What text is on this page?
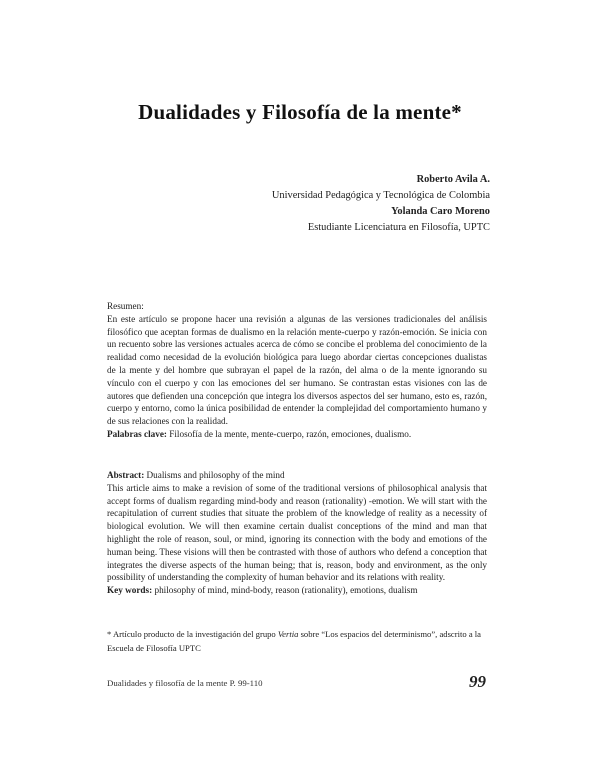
Dualidades y Filosofía de la mente*
Roberto Avila A.
Universidad Pedagógica y Tecnológica de Colombia
Yolanda Caro Moreno
Estudiante Licenciatura en Filosofía, UPTC

Resumen:

En este artículo se propone hacer una revisión a algunas de las versiones tradicionales del análisis filosófico que aceptan formas de dualismo en la relación mente-cuerpo y razón-emoción. Se inicia con un recuento sobre las versiones actuales acerca de cómo se concibe el problema del conocimiento de la realidad como necesidad de la evolución biológica para luego abordar ciertas concepciones dualistas de la mente y del hombre que subrayan el papel de la razón, del alma o de la mente ignorando su vínculo con el cuerpo y con las emociones del ser humano. Se contrastan estas visiones con las de autores que defienden una concepción que integra los diversos aspectos del ser humano, esto es, razón, cuerpo y entorno, como la única posibilidad de entender la complejidad del comportamiento humano y de sus relaciones con la realidad.

Palabras clave: Filosofía de la mente, mente-cuerpo, razón, emociones, dualismo.

Abstract: Dualisms and philosophy of the mind

This article aims to make a revision of some of the traditional versions of philosophical analysis that accept forms of dualism regarding mind-body and reason (rationality) -emotion. We will start with the recapitulation of current studies that situate the problem of the knowledge of reality as a necessity of biological evolution. We will then examine certain dualist conceptions of the mind and man that highlight the role of reason, soul, or mind, ignoring its connection with the body and emotions of the human being. These visions will then be contrasted with those of authors who defend a conception that integrates the diverse aspects of the human being; that is, reason, body and environment, as the only possibility of understanding the complexity of human behavior and its relations with reality.

Key words: philosophy of mind, mind-body, reason (rationality), emotions, dualism

* Artículo producto de la investigación del grupo Vertia sobre “Los espacios del determinismo”, adscrito a la Escuela de Filosofía UPTC
Dualidades y filosofía de la mente P. 99-110	99
